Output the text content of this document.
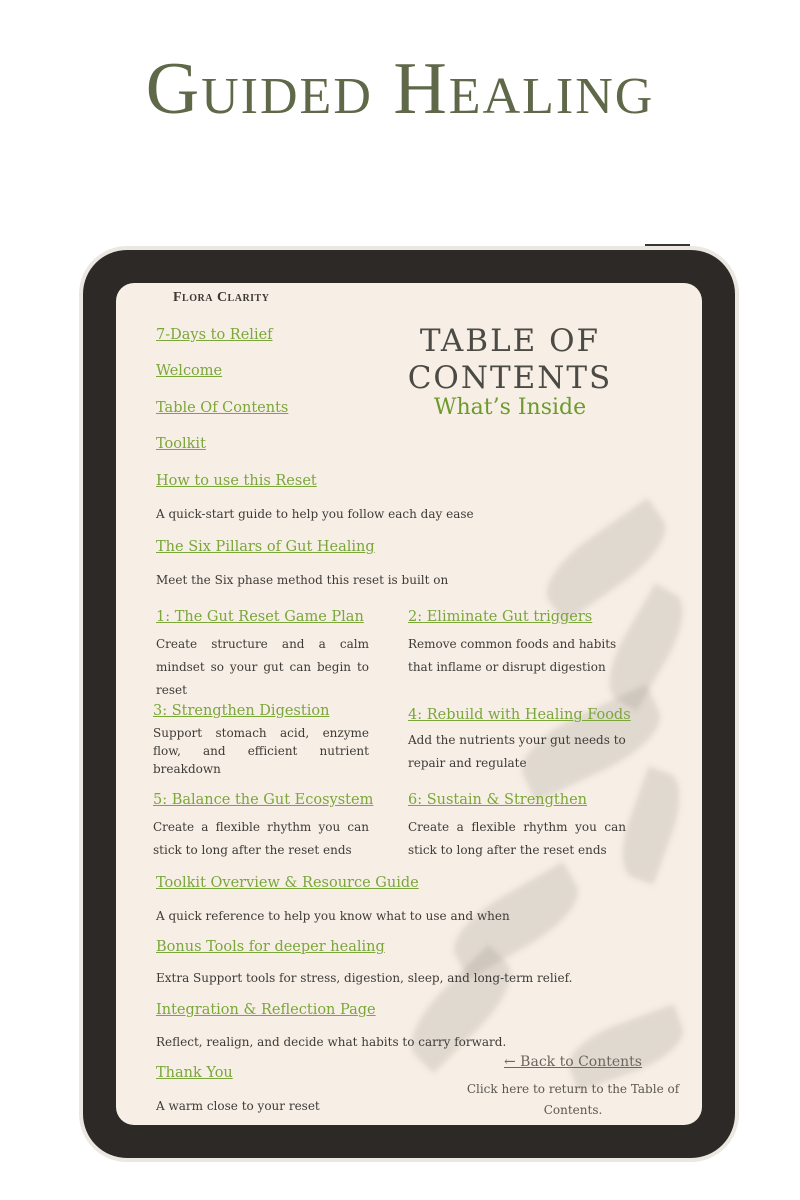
Guided Healing
Flora Clarity
TABLE OF CONTENTS
What’s Inside
7-Days to Relief
Welcome
Table Of Contents
Toolkit
How to use this Reset
A quick-start guide to help you follow each day ease
The Six Pillars of Gut Healing
Meet the Six phase method this reset is built on
1: The Gut Reset Game Plan
Create structure and a calm mindset so your gut can begin to reset
2: Eliminate Gut triggers
Remove common foods and habits that inflame or disrupt digestion
3: Strengthen Digestion
Support stomach acid, enzyme flow, and efficient nutrient breakdown
4: Rebuild with Healing Foods
Add the nutrients your gut needs to repair and regulate
5: Balance the Gut Ecosystem
Create a flexible rhythm you can stick to long after the reset ends
6: Sustain & Strengthen
Create a flexible rhythm you can stick to long after the reset ends
Toolkit Overview & Resource Guide
A quick reference to help you know what to use and when
Bonus Tools for deeper healing
Extra Support tools for stress, digestion, sleep, and long-term relief.
Integration & Reflection Page
Reflect, realign, and decide what habits to carry forward.
Thank You
A warm close to your reset
← Back to Contents
Click here to return to the Table of Contents.
